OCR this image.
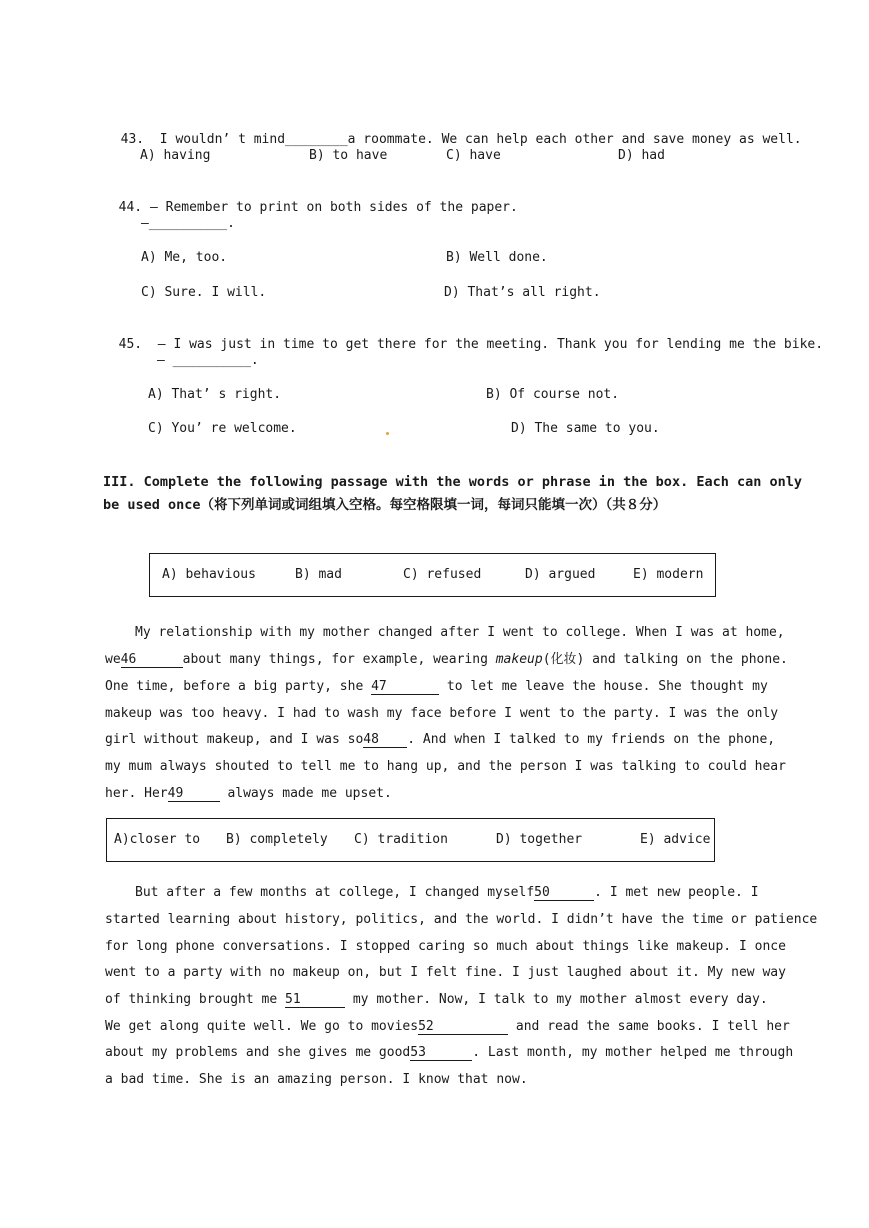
43. I wouldn’ t mind________a roommate. We can help each other and save money as well.

A) having	B) to have	C) have	D) had

44. — Remember to print on both sides of the paper.

—__________.
A) Me, too.	B) Well done.
C) Sure. I will.	D) That’s all right.

45. — I was just in time to get there for the meeting. Thank you for lending me the bike.

— __________.
A) That’ s right.	B) Of course not.
C) You’ re welcome.	D) The same to you.
III. Complete the following passage with the words or phrase in the box. Each can only
be used once（将下列单词或词组填入空格。每空格限填一词，每词只能填一次）（共８分）
A) behavious	B) mad	C) refused	D) argued	E) modern
My relationship with my mother changed after I went to college. When I was at home,
we46	about many things, for example, wearing makeup(化妆) and talking on the phone.
One time, before a big party, she 47	to let me leave the house. She thought my
makeup was too heavy. I had to wash my face before I went to the party. I was the only
girl without makeup, and I was so48 . And when I talked to my friends on the phone,
my mum always shouted to tell me to hang up, and the person I was talking to could hear
her. Her49	always made me upset.
A)closer to B) completely C) tradition	D) together	E) advice
But after a few months at college, I changed myself50	. I met new people. I
started learning about history, politics, and the world. I didn’t have the time or patience
for long phone conversations. I stopped caring so much about things like makeup. I once
went to a party with no makeup on, but I felt fine. I just laughed about it. My new way
of thinking brought me 51	my mother. Now, I talk to my mother almost every day.
We get along quite well. We go to movies52	and read the same books. I tell her
about my problems and she gives me good53	. Last month, my mother helped me through
a bad time. She is an amazing person. I know that now.
